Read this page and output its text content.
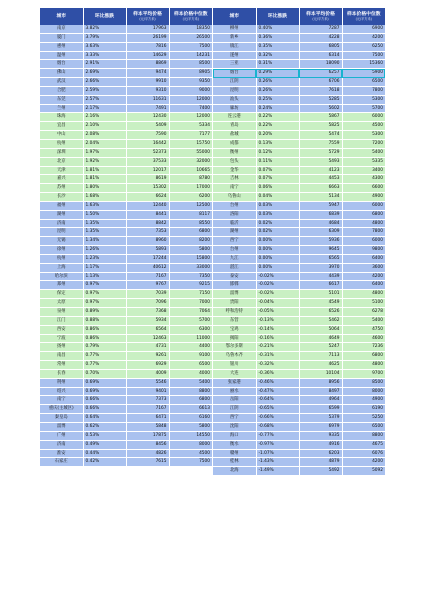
城市	环比涨跌	样本平均价格
(元/平方米)	样本价格中位数
(元/平方米)

南京	3.82%	17963	18350
厦门	3.79%	26199	26500
惠州	3.63%	7816	7500
温州	3.33%	14629	14231
烟台	2.91%	8869	8500
佛山	2.69%	9474	8905
武汉	2.66%	9910	9350
合肥	2.59%	9310	9000
东莞	2.57%	11631	12000
兰州	2.17%	7491	7400
珠海	2.16%	12430	12000
宜昌	2.10%	5409	5334
中山	2.08%	7590	7177
杭州	2.04%	16442	15750
深圳	1.97%	52373	55000
北京	1.92%	37533	32000
天津	1.81%	12017	10665
嘉兴	1.81%	8619	8780
苏州	1.80%	15302	17000
长沙	1.68%	6624	6200
福州	1.63%	12440	12500
湖州	1.50%	8441	8117
济南	1.35%	8842	8550
昆明	1.35%	7353	6800
无锡	1.34%	8960	8200
徐州	1.26%	5893	5800
杭州	1.23%	17244	15800
上海	1.17%	40612	33000
哈尔滨	1.13%	7167	7350
郑州	0.97%	9767	9215
保定	0.97%	7039	7150
太原	0.97%	7096	7000
泉州	0.89%	7368	7064
江门	0.88%	5934	5700
西安	0.86%	6564	6300
宁波	0.86%	12463	11000
扬州	0.79%	4731	4400
南昌	0.77%	9261	9100
常州	0.77%	6929	6500
长春	0.70%	4009	4000
荆州	0.69%	5546	5400
绍兴	0.69%	9401	8800
南宁	0.66%	7373	6800
重庆(主城区)	0.66%	7167	6613
秦皇岛	0.64%	6471	6160
淄博	0.62%	5848	5800
广州	0.53%	17875	14550
济南	0.49%	8456	8000
淮安	0.44%	4826	4500
石家庄	0.42%	7615	7500
城市	环比涨跌	样本平均价格
(元/平方米)	样本价格中位数
(元/平方米)

柳州	0.40%	7287	6900
新乡	0.36%	4228	4200
镇江	0.35%	6805	6250
遂州	0.32%	6314	7500
三亚	0.31%	18090	15360
烟台	0.29%	6257	5900
江阴	0.26%	6706	6500
昆明	0.26%	7618	7800
汕头	0.25%	5285	5300
廊坊	0.24%	5602	5700
连云港	0.22%	5867	6000
青岛	0.22%	5825	4500
盐城	0.20%	5474	5300
成都	0.13%	7559	7200
衡州	0.12%	5729	5400
包头	0.11%	5493	5335
金华	0.07%	4123	3400
吉林	0.07%	4453	4300
南宁	0.06%	6663	6600
乌鲁山	0.04%	5134	4900
台州	0.03%	5947	6000
洛阳	0.03%	6839	6800
临沂	0.02%	4684	4800
湖州	0.02%	6309	7800
西宁	0.00%	5936	6000
台州	0.00%	9645	9800
九江	0.00%	6565	6400
湛江	0.00%	3970	3600
泰安	-0.02%	4439	4200
邯郸	-0.02%	6617	6400
淄博	-0.02%	5101	4800
贵阳	-0.04%	4549	5100
呼和浩特	-0.05%	6526	6278
东营	-0.13%	5462	5400
宝鸡	-0.14%	5064	4750
揭阳	-0.16%	4649	4600
鄂尔多斯	-0.21%	5247	7236
乌鲁木齐	-0.31%	7113	6800
银川	-0.32%	4625	4800
大连	-0.36%	10104	9700
张家港	-0.46%	8956	8500
丽水	-0.47%	8497	8000
岳阳	-0.64%	4964	4900
江阴	-0.65%	6599	6190
西宁	-0.66%	5379	5250
沈阳	-0.68%	6979	6500
海口	-0.77%	9335	8800
衡水	-0.97%	4916	4675
赣州	-1.07%	6203	6076
桂林	-1.43%	4879	4200
北海	-1.49%	5492	5092
